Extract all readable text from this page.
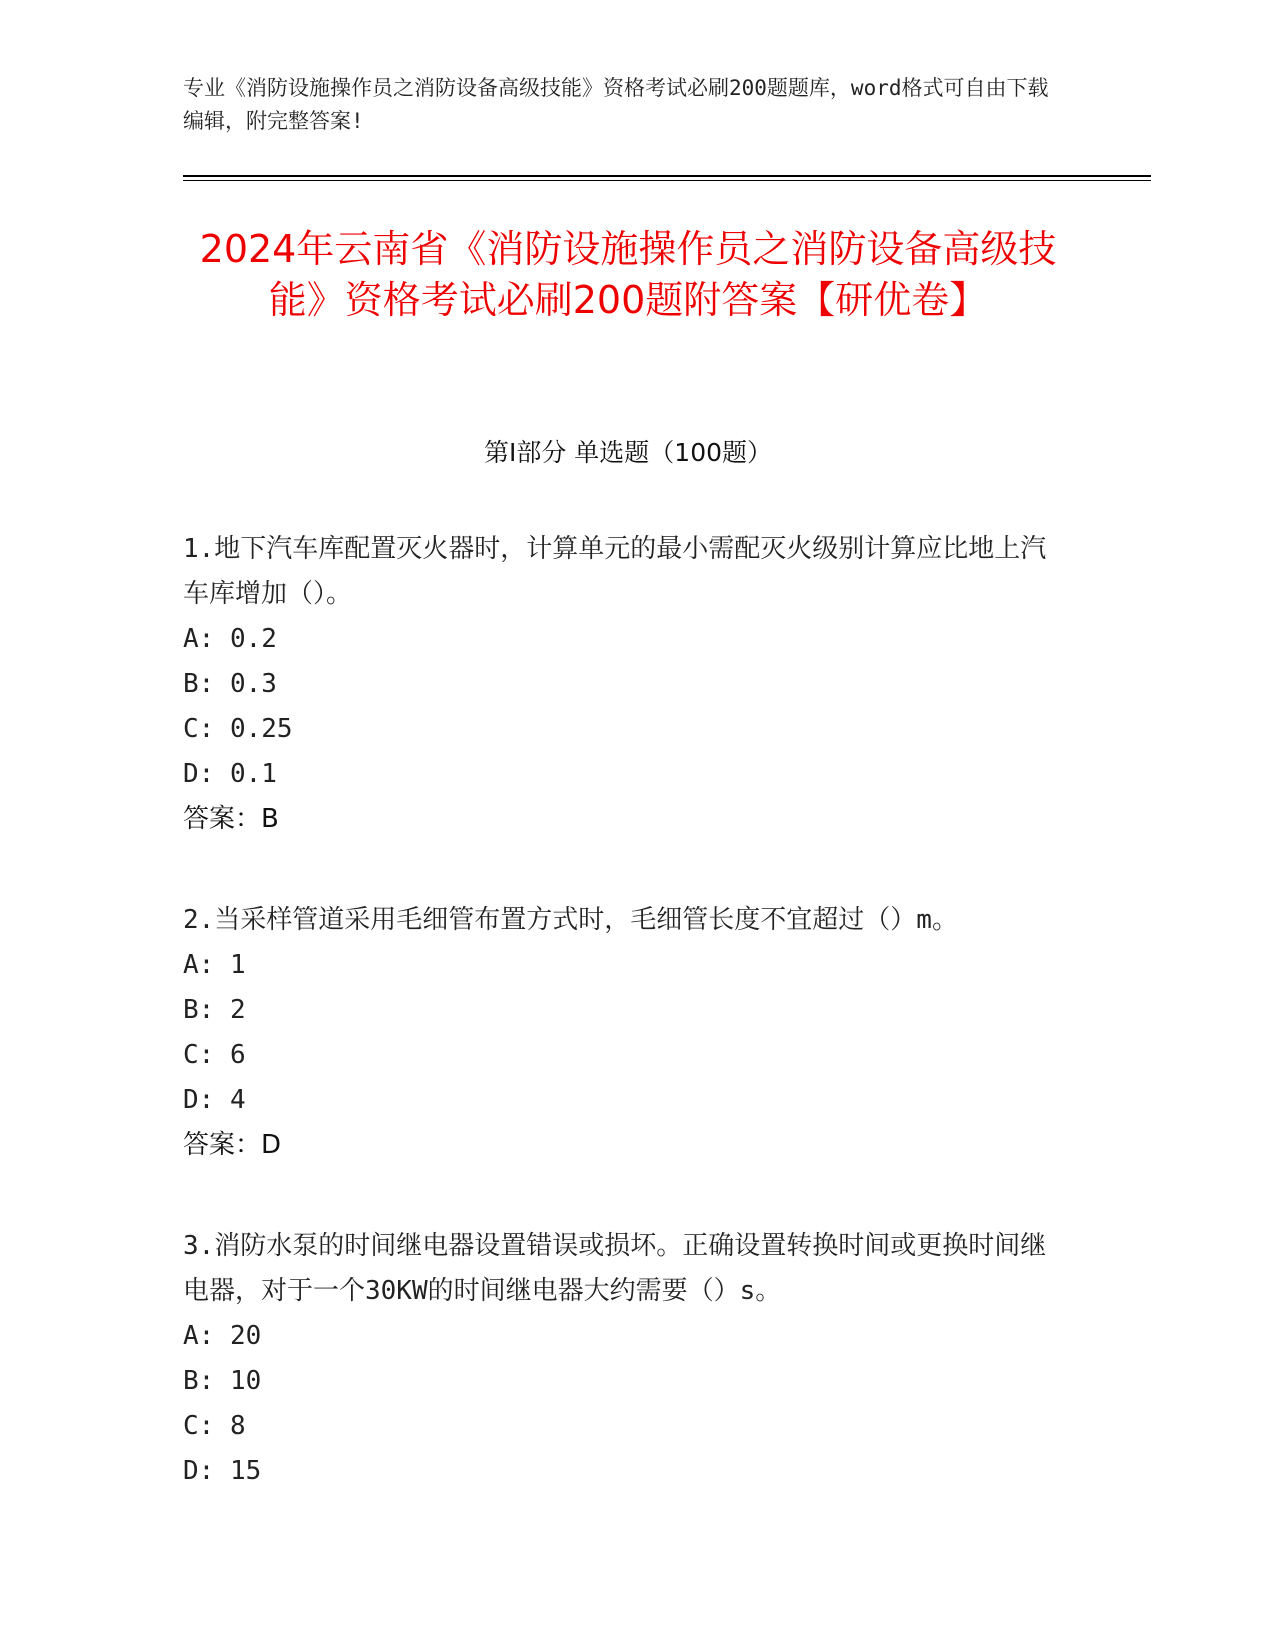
专业《消防设施操作员之消防设备高级技能》资格考试必刷200题题库，word格式可自由下载编辑，附完整答案!
2024年云南省《消防设施操作员之消防设备高级技能》资格考试必刷200题附答案【研优卷】
第I部分 单选题（100题）
1.地下汽车库配置灭火器时，计算单元的最小需配灭火级别计算应比地上汽车库增加（）。
A: 0.2
B: 0.3
C: 0.25
D: 0.1
答案：B
2.当采样管道采用毛细管布置方式时，毛细管长度不宜超过（）m。
A: 1
B: 2
C: 6
D: 4
答案：D
3.消防水泵的时间继电器设置错误或损坏。正确设置转换时间或更换时间继电器，对于一个30KW的时间继电器大约需要（）s。
A: 20
B: 10
C: 8
D: 15
